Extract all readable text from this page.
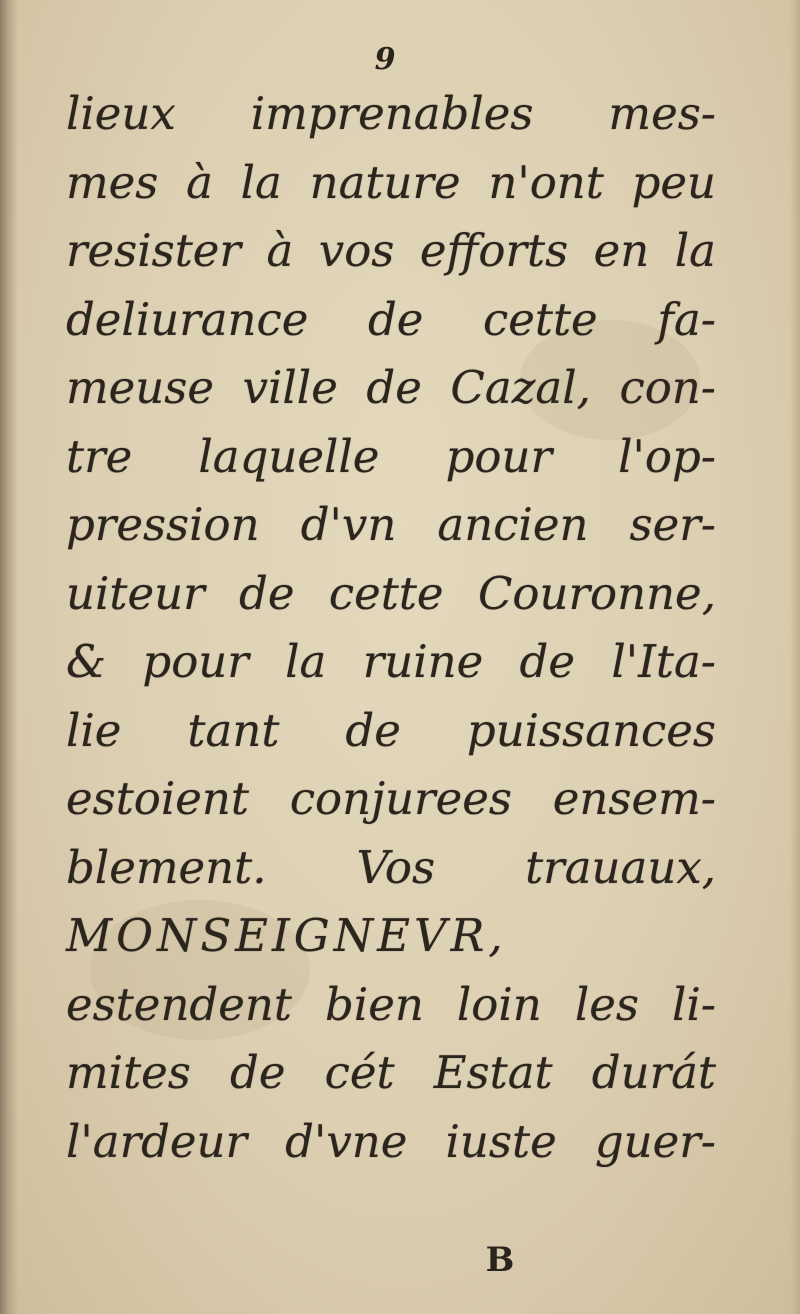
9
lieux imprenables mes-
mes à la nature n'ont peu
resister à vos efforts en la
deliurance de cette fa-
meuse ville de Cazal, con-
tre laquelle pour l'op-
pression d'vn ancien ser-
uiteur de cette Couronne,
& pour la ruine de l'Ita-
lie tant de puissances
estoient conjurees ensem-
blement. Vos trauaux,
MONSEIGNEVR,
estendent bien loin les li-
mites de cét Estat durát
l'ardeur d'vne iuste guer-
B
